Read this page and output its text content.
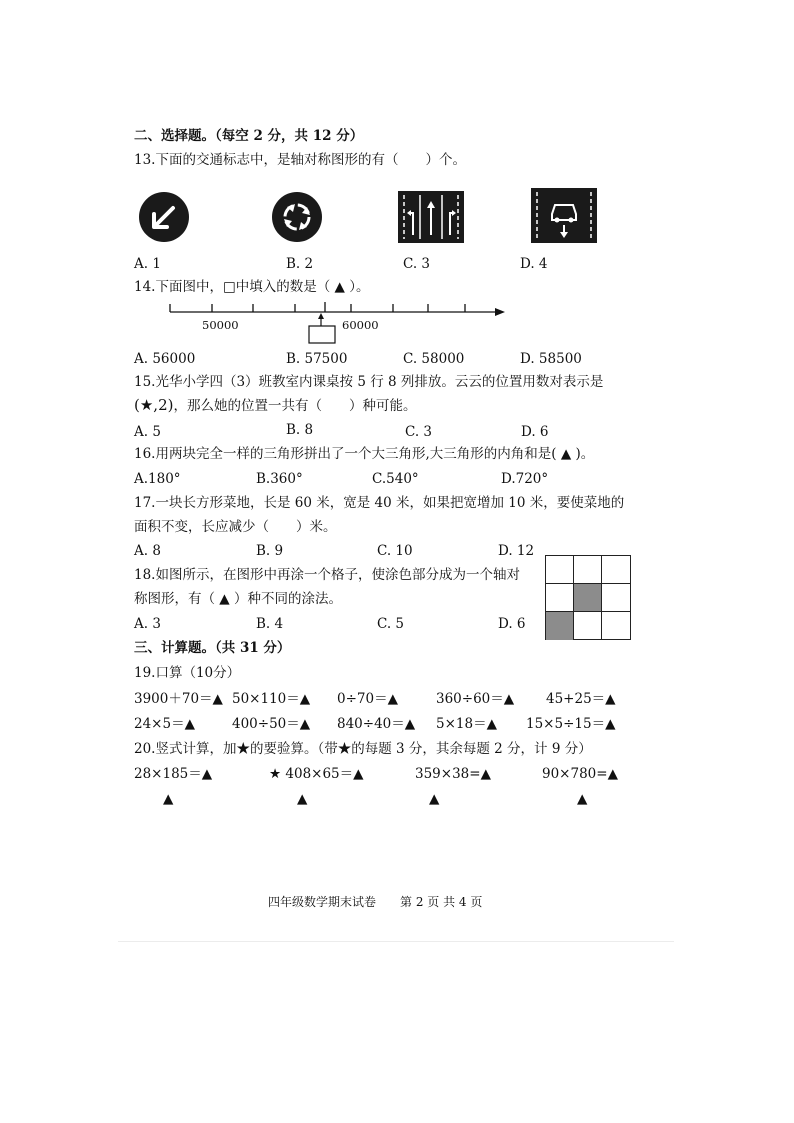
二、选择题。（每空 2 分，共 12 分）
13.下面的交通标志中，是轴对称图形的有（　　）个。
A. 1	B. 2	C. 3	D. 4
14.下面图中，□中填入的数是（ ▲ ）。
50000	60000
A. 56000	B. 57500	C. 58000	D. 58500
15.光华小学四（3）班教室内课桌按 5 行 8 列排放。云云的位置用数对表示是
(★,2)，那么她的位置一共有（　　）种可能。
A. 5	B. 8	C. 3	D. 6
16.用两块完全一样的三角形拼出了一个大三角形,大三角形的内角和是( ▲ )。
A.180°	B.360°	C.540°	D.720°
17.一块长方形菜地，长是 60 米，宽是 40 米，如果把宽增加 10 米，要使菜地的
面积不变，长应减少（　　）米。
A. 8	B. 9	C. 10	D. 12
18.如图所示，在图形中再涂一个格子，使涂色部分成为一个轴对
称图形，有（ ▲ ）种不同的涂法。
A. 3	B. 4	C. 5	D. 6
三、计算题。（共 31 分）
19.口算（10分）
3900＋70＝▲ 50×110＝▲ 0÷70＝▲	360÷60＝▲ 45+25＝▲
24×5＝▲	400÷50＝▲ 840÷40＝▲ 5×18＝▲ 15×5÷15＝▲
20.竖式计算，加★的要验算。（带★的每题 3 分，其余每题 2 分，计 9 分）
28×185＝▲	★ 408×65＝▲	359×38=▲	90×780=▲
▲	▲	▲	▲
四年级数学期末试卷 第 2 页 共 4 页
